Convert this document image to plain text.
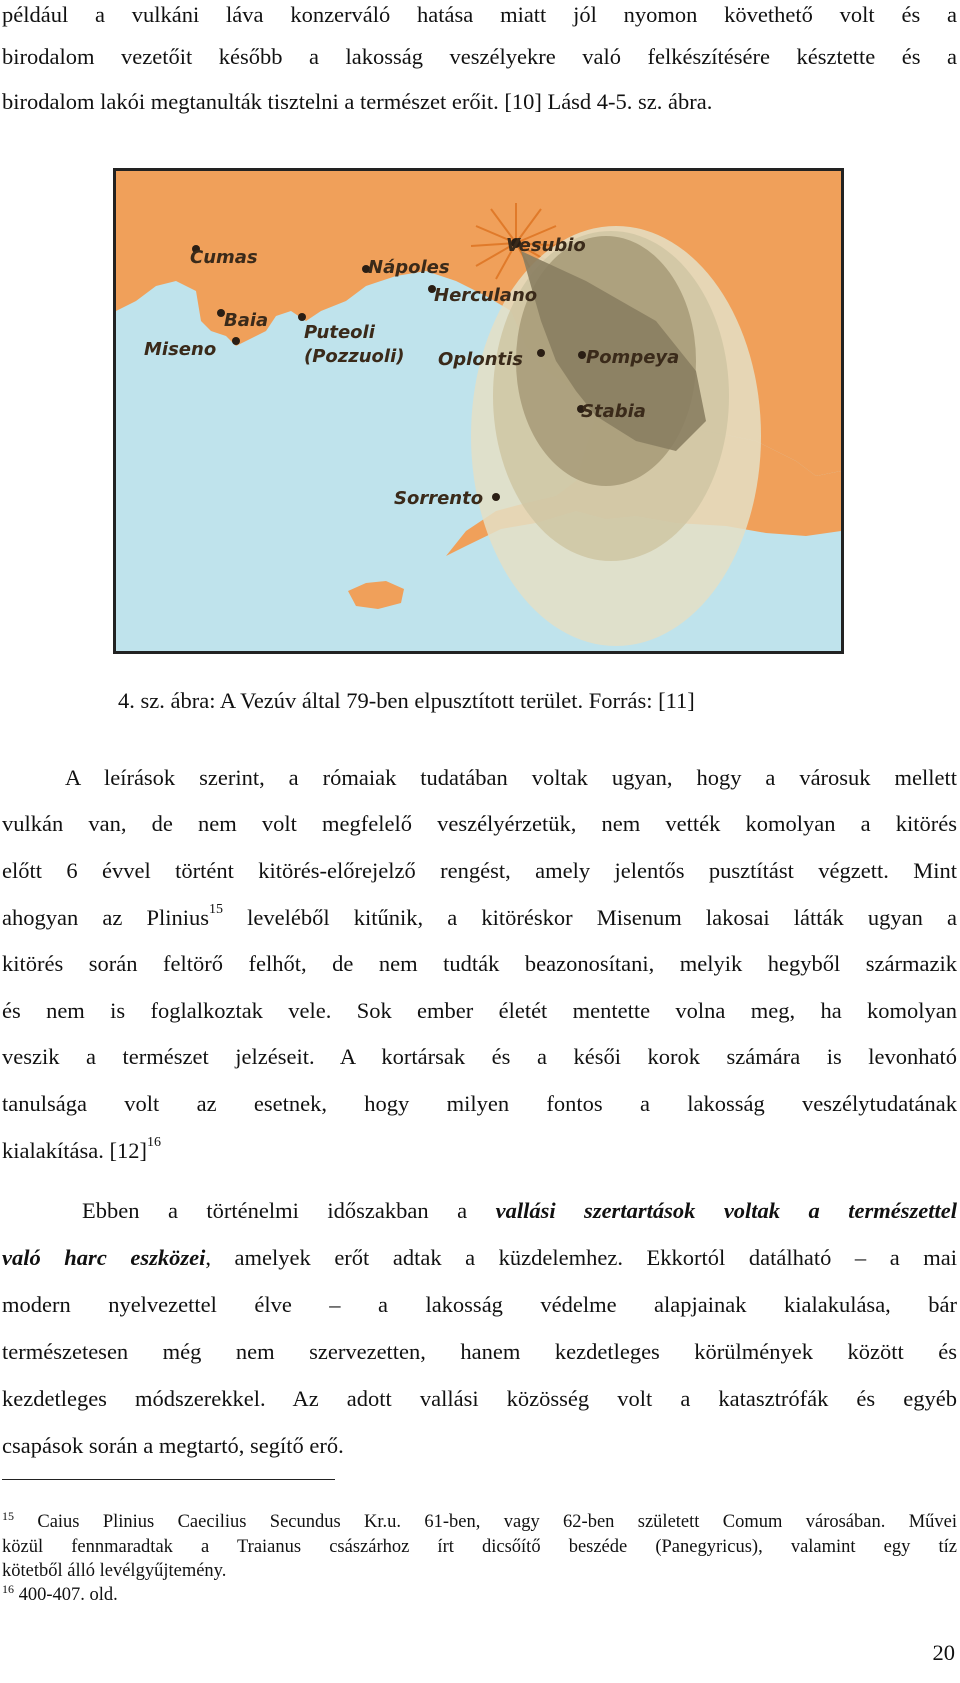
például a vulkáni láva konzerváló hatása miatt jól nyomon követhető volt és a
birodalom vezetőit később a lakosság veszélyekre való felkészítésére késztette és a
birodalom lakói megtanulták tisztelni a természet erőit. [10] Lásd 4-5. sz. ábra.
Cumas	Nápoles
Vesubio
Herculano
Baia
Miseno
Puteoli
(Pozzuoli) Oplontis	Pompeya
Stabia
Sorrento
4. sz. ábra: A Vezúv által 79-ben elpusztított terület. Forrás: [11]
A leírások szerint, a rómaiak tudatában voltak ugyan, hogy a városuk mellett
vulkán van, de nem volt megfelelő veszélyérzetük, nem vették komolyan a kitörés
előtt 6 évvel történt kitörés-előrejelző rengést, amely jelentős pusztítást végzett. Mint
ahogyan az Plinius$^{15}$ leveléből kitűnik, a kitöréskor Misenum lakosai látták ugyan a
kitörés során feltörő felhőt, de nem tudták beazonosítani, melyik hegyből származik
és nem is foglalkoztak vele. Sok ember életét mentette volna meg, ha komolyan
veszik a természet jelzéseit. A kortársak és a késői korok számára is levonható
tanulsága volt az esetnek, hogy milyen fontos a lakosság veszélytudatának
kialakítása. $[12]^{16}$
Ebben a történelmi időszakban a vallási szertartások voltak a természettel
való harc eszközei, amelyek erőt adtak a küzdelemhez. Ekkortól datálható – a mai
modern nyelvezettel élve – a lakosság védelme alapjainak kialakulása, bár
természetesen még nem szervezetten, hanem kezdetleges körülmények között és
kezdetleges módszerekkel. Az adott vallási közösség volt a katasztrófák és egyéb
csapások során a megtartó, segítő erő.
$^{15}$ Caius Plinius Caecilius Secundus Kr.u. 61-ben, vagy 62-ben született Comum városában. Művei
közül fennmaradtak a Traianus császárhoz írt dicsőítő beszéde (Panegyricus), valamint egy tíz
kötetből álló levélgyűjtemény.
$^{16}$ 400-407. old.
20
